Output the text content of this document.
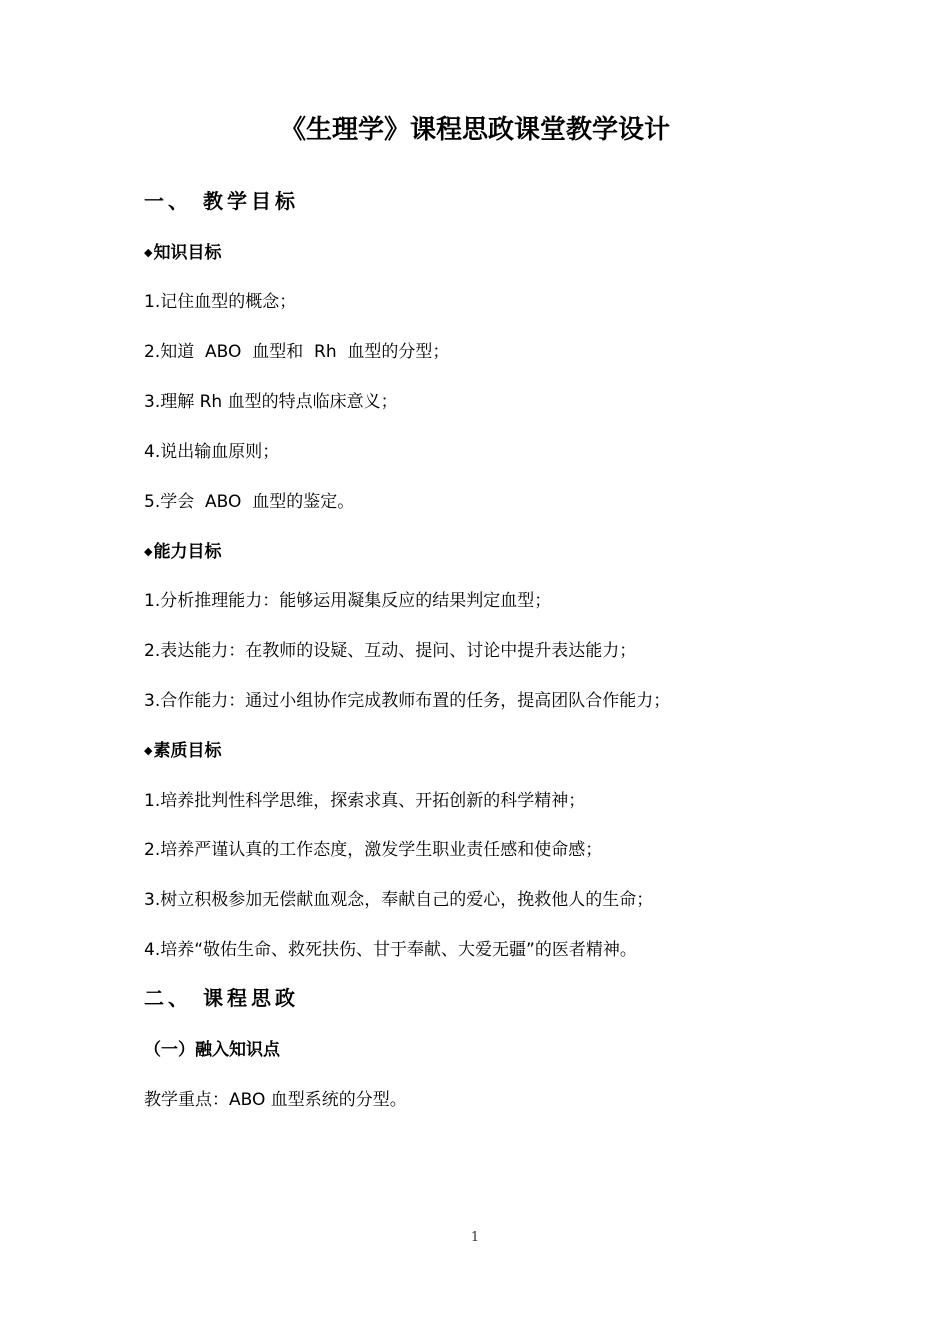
《生理学》课程思政课堂教学设计
一、 教学目标
◆知识目标
1.记住血型的概念；
2.知道  ABO  血型和  Rh  血型的分型；
3.理解 Rh 血型的特点临床意义；
4.说出输血原则；
5.学会  ABO  血型的鉴定。
◆能力目标
1.分析推理能力：能够运用凝集反应的结果判定血型；
2.表达能力：在教师的设疑、互动、提问、讨论中提升表达能力；
3.合作能力：通过小组协作完成教师布置的任务，提高团队合作能力；
◆素质目标
1.培养批判性科学思维，探索求真、开拓创新的科学精神；
2.培养严谨认真的工作态度，激发学生职业责任感和使命感；
3.树立积极参加无偿献血观念，奉献自己的爱心，挽救他人的生命；
4.培养“敬佑生命、救死扶伤、甘于奉献、大爱无疆”的医者精神。
二、 课程思政
（一）融入知识点
教学重点：ABO 血型系统的分型。
1
